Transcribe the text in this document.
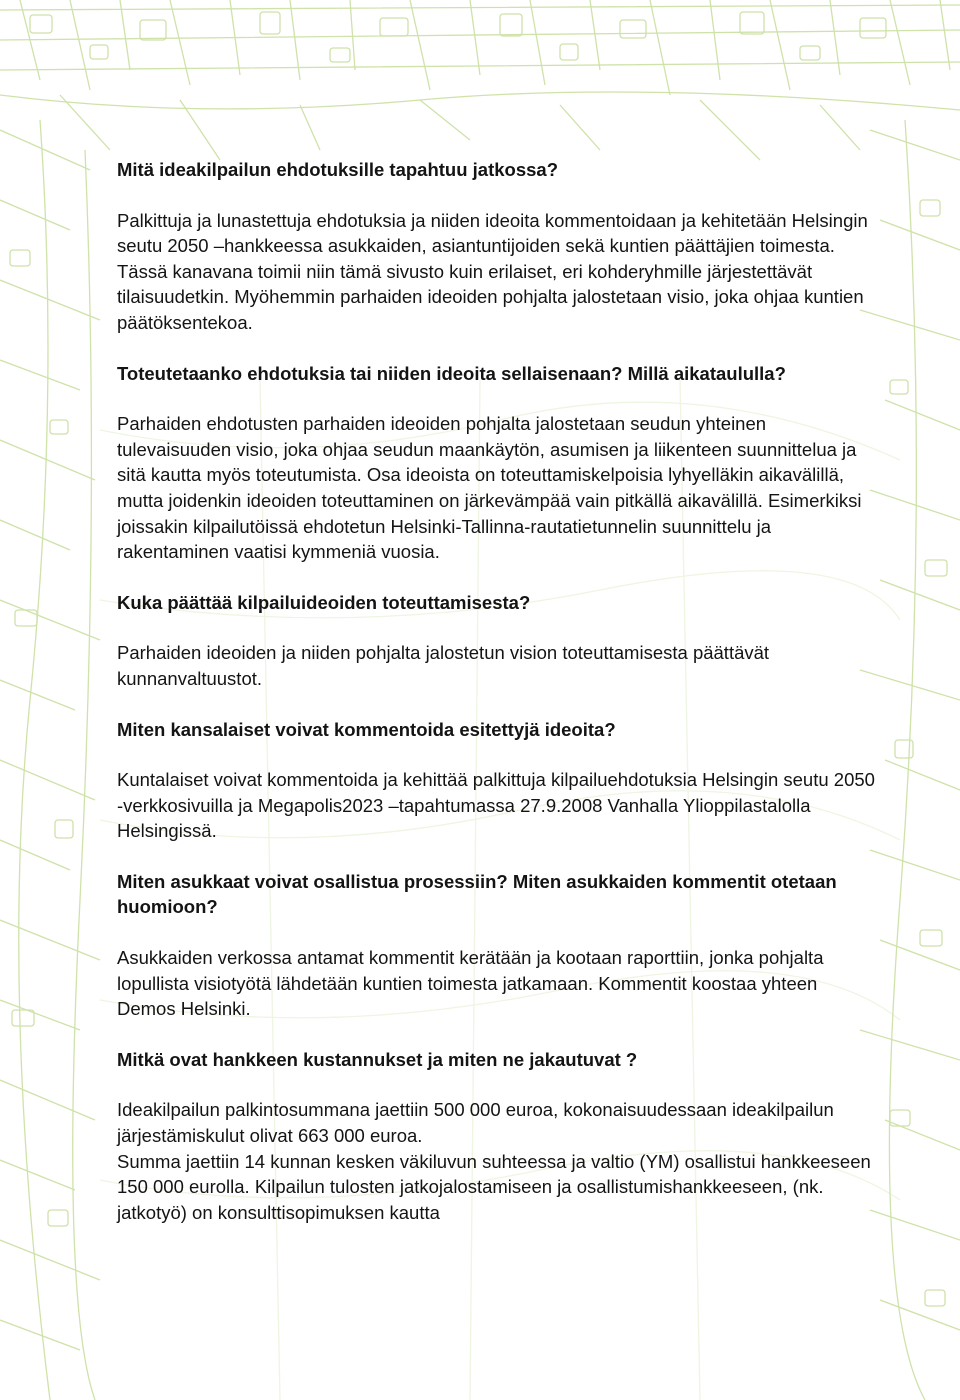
Mitä ideakilpailun ehdotuksille tapahtuu jatkossa?
Palkittuja ja lunastettuja ehdotuksia ja niiden ideoita kommentoidaan ja kehitetään Helsingin seutu 2050 –hankkeessa asukkaiden, asiantuntijoiden sekä kuntien päättäjien toimesta. Tässä kanavana toimii niin tämä sivusto kuin erilaiset, eri kohderyhmille järjestettävät tilaisuudetkin. Myöhemmin parhaiden ideoiden pohjalta jalostetaan visio, joka ohjaa kuntien päätöksentekoa.
Toteutetaanko ehdotuksia tai niiden ideoita sellaisenaan? Millä aikataululla?
Parhaiden ehdotusten parhaiden ideoiden pohjalta jalostetaan seudun yhteinen tulevaisuuden visio, joka ohjaa seudun maankäytön, asumisen ja liikenteen suunnittelua ja sitä kautta myös toteutumista. Osa ideoista on toteuttamiskelpoisia lyhyelläkin aikavälillä, mutta joidenkin ideoiden toteuttaminen on järkevämpää vain pitkällä aikavälillä. Esimerkiksi joissakin kilpailutöissä ehdotetun Helsinki-Tallinna-rautatietunnelin suunnittelu ja rakentaminen vaatisi kymmeniä vuosia.
Kuka päättää kilpailuideoiden toteuttamisesta?
Parhaiden ideoiden ja niiden pohjalta jalostetun vision toteuttamisesta päättävät kunnanvaltuustot.
Miten kansalaiset voivat kommentoida esitettyjä ideoita?
Kuntalaiset voivat kommentoida ja kehittää palkittuja kilpailuehdotuksia Helsingin seutu 2050 -verkkosivuilla ja Megapolis2023 –tapahtumassa 27.9.2008 Vanhalla Ylioppilastalolla Helsingissä.
Miten asukkaat voivat osallistua prosessiin? Miten asukkaiden kommentit otetaan huomioon?
Asukkaiden verkossa antamat kommentit kerätään ja kootaan raporttiin, jonka pohjalta lopullista visiotyötä lähdetään kuntien toimesta jatkamaan. Kommentit koostaa yhteen Demos Helsinki.
Mitkä ovat hankkeen kustannukset ja miten ne jakautuvat ?
Ideakilpailun palkintosummana jaettiin 500 000 euroa, kokonaisuudessaan ideakilpailun järjestämiskulut olivat 663 000 euroa.
Summa jaettiin 14 kunnan kesken väkiluvun suhteessa ja valtio (YM) osallistui hankkeeseen 150 000 eurolla. Kilpailun tulosten jatkojalostamiseen ja osallistumishankkeeseen, (nk. jatkotyö) on konsulttisopimuksen kautta
